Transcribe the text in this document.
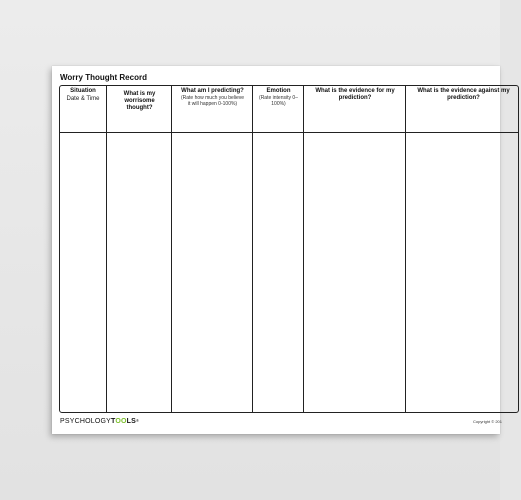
Worry Thought Record
Situation
Date & Time
What is my worrisome thought?
What am I predicting?
(Rate how much you believe it will happen 0-100%)
Emotion
(Rate intensity 0–100%)
What is the evidence for my prediction?
What is the evidence against my prediction?
PSYCHOLOGYTOOLS®	Copyright © 201
